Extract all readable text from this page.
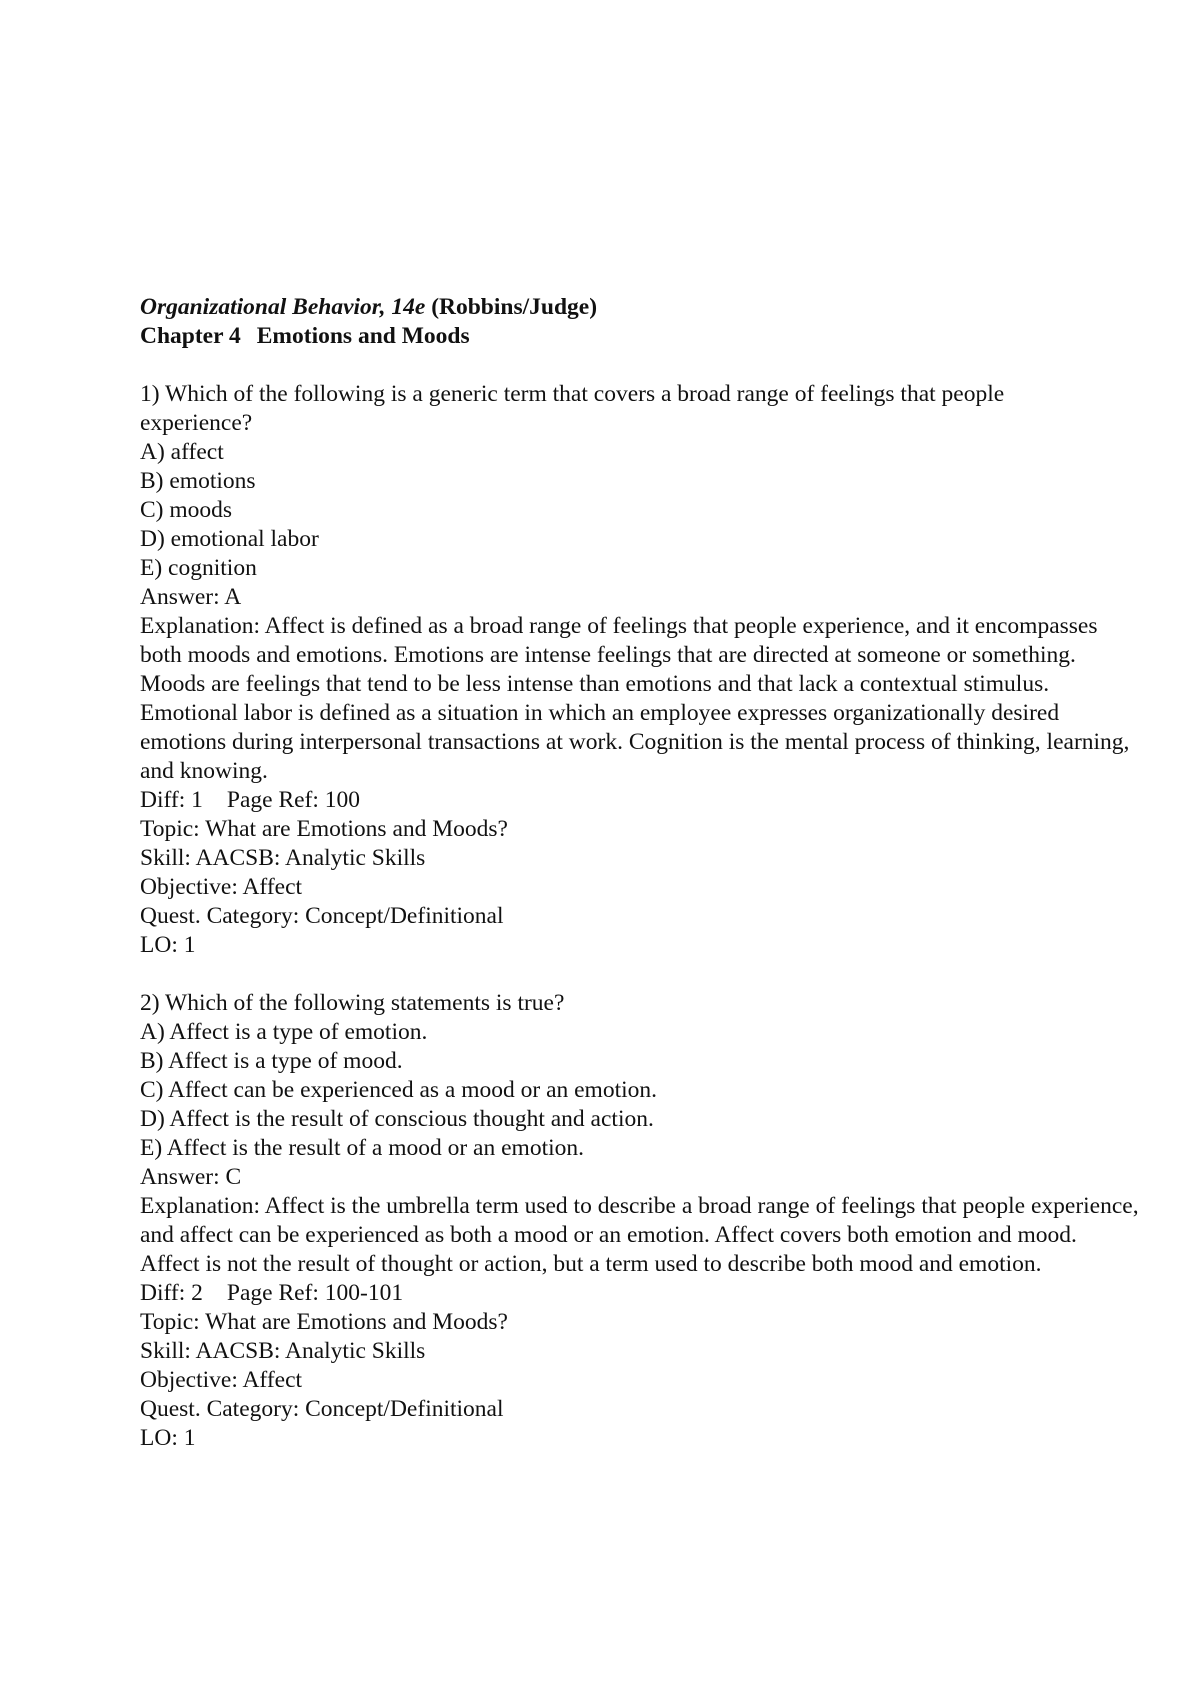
Organizational Behavior, 14e (Robbins/Judge)
Chapter 4 Emotions and Moods
1) Which of the following is a generic term that covers a broad range of feelings that people experience?
A) affect
B) emotions
C) moods
D) emotional labor
E) cognition
Answer: A
Explanation: Affect is defined as a broad range of feelings that people experience, and it encompasses both moods and emotions. Emotions are intense feelings that are directed at someone or something. Moods are feelings that tend to be less intense than emotions and that lack a contextual stimulus. Emotional labor is defined as a situation in which an employee expresses organizationally desired emotions during interpersonal transactions at work. Cognition is the mental process of thinking, learning, and knowing.
Diff: 1 Page Ref: 100
Topic: What are Emotions and Moods?
Skill: AACSB: Analytic Skills
Objective: Affect
Quest. Category: Concept/Definitional
LO: 1
2) Which of the following statements is true?
A) Affect is a type of emotion.
B) Affect is a type of mood.
C) Affect can be experienced as a mood or an emotion.
D) Affect is the result of conscious thought and action.
E) Affect is the result of a mood or an emotion.
Answer: C
Explanation: Affect is the umbrella term used to describe a broad range of feelings that people experience, and affect can be experienced as both a mood or an emotion. Affect covers both emotion and mood. Affect is not the result of thought or action, but a term used to describe both mood and emotion.
Diff: 2 Page Ref: 100-101
Topic: What are Emotions and Moods?
Skill: AACSB: Analytic Skills
Objective: Affect
Quest. Category: Concept/Definitional
LO: 1
